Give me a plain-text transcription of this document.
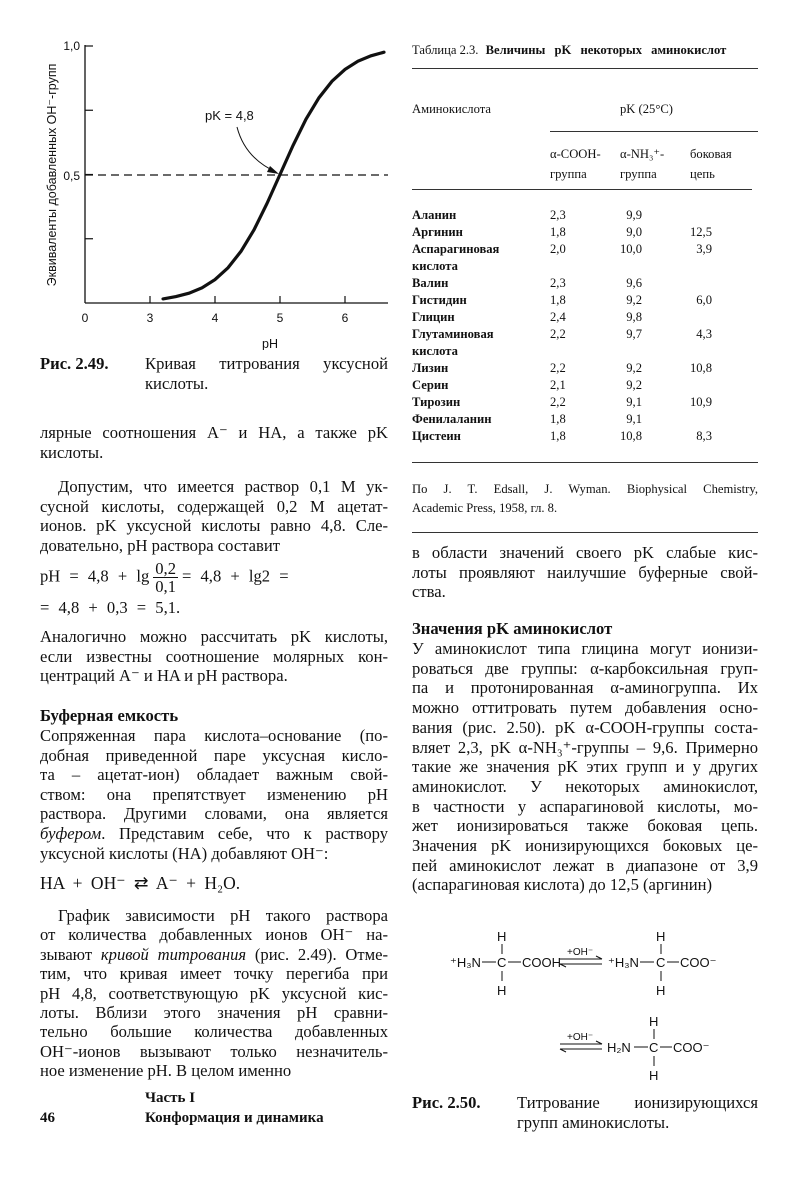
1,0
0,5
0	3	4	5	6
pH
Эквиваленты добавленных OH⁻-групп	pK = 4,8
Рис. 2.49. Кривая титрования уксусной
кислоты.
лярные соотношения A⁻ и HA, а также pK
кислоты.
Допустим, что имеется раствор 0,1 M ук-
сусной кислоты, содержащей 0,2 M ацетат-
ионов. pK уксусной кислоты равно 4,8. Сле-
довательно, pH раствора составит
pH = $4,8 + \lg \frac{0,2}{0,1} = 4,8 + \lg 2$ =
= 4,8 + 0,3 = 5,1.
Аналогично можно рассчитать pK кислоты,
если известны соотношение молярных кон-
центраций A⁻ и HA и pH раствора.
Буферная емкость
Сопряженная пара кислота–основание (по-
добная приведенной паре уксусная кисло-
та – ацетат-ион) обладает важным свой-
ством: она препятствует изменению pH
раствора. Другими словами, она является
буфером. Представим себе, что к раствору
уксусной кислоты (HA) добавляют OH⁻:
HA + OH⁻ ⇄ A⁻ + H₂O.
График зависимости pH такого раствора
от количества добавленных ионов OH⁻ на-
зывают кривой титрования (рис. 2.49). Отме-
тим, что кривая имеет точку перегиба при
pH 4,8, соответствующую pK уксусной кис-
лоты. Вблизи этого значения pH сравни-
тельно большие количества добавленных
OH⁻-ионов вызывают только незначитель-
ное изменение pH. В целом именно
Часть I
46	Конформация и динамика
Таблица 2.3. Величины pK некоторых аминокислот
Аминокислота	pK (25°C)
α-COOH-
группа
α-NH₃⁺-
группа
боковая
цепь
Аланин	2,3	9,9
Аргинин	1,8	9,0	12,5
Аспарагиновая кислота
2,0	10,0	3,9
Валин	2,3	9,6
Гистидин	1,8	9,2	6,0
Глицин	2,4	9,8
Глутаминовая кислота
2,2	9,7	4,3
Лизин	2,2	9,2	10,8
Серин	2,1	9,2
Тирозин	2,2	9,1	10,9
Фенилаланин	1,8	9,1
Цистеин	1,8	10,8	8,3
По J. T. Edsall, J. Wyman. Biophysical Chemistry,
Academic Press, 1958, гл. 8.
в области значений своего pK слабые кис-
лоты проявляют наилучшие буферные свой-
ства.
Значения pK аминокислот
У аминокислот типа глицина могут ионизи-
роваться две группы: α-карбоксильная груп-
па и протонированная α-аминогруппа. Их
можно оттитровать путем добавления осно-
вания (рис. 2.50). pK α-COOH-группы соста-
вляет 2,3, pK α-NH₃⁺-группы – 9,6. Примерно
такие же значения pK этих групп и у других
аминокислот. У некоторых аминокислот,
в частности у аспарагиновой кислоты, мо-
жет ионизироваться также боковая цепь.
Значения pK ионизирующихся боковых це-
пей аминокислот лежат в диапазоне от 3,9
(аспарагиновая кислота) до 12,5 (аргинин)
⁺H₃N C
H
H
COOH
+OH⁻
⁺H₃N C
H
H
COO⁻
+OH⁻
H₂N C
H
H
COO⁻
Рис. 2.50. Титрование ионизирующихся
групп аминокислоты.
